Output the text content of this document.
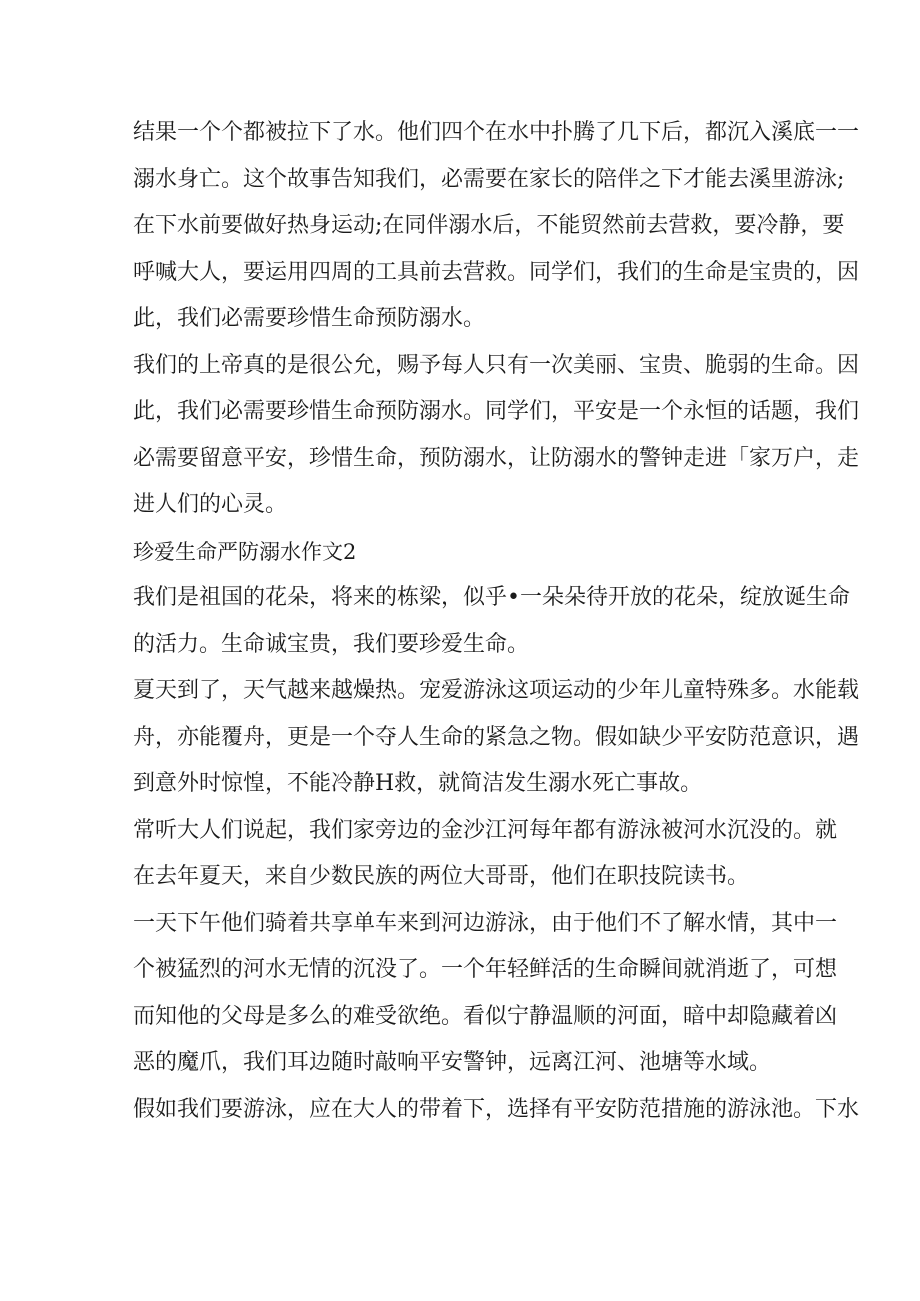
结果一个个都被拉下了水。他们四个在水中扑腾了几下后，都沉入溪底一一
溺水身亡。这个故事告知我们，必需要在家长的陪伴之下才能去溪里游泳;
在下水前要做好热身运动;在同伴溺水后，不能贸然前去营救，要冷静，要
呼喊大人，要运用四周的工具前去营救。同学们，我们的生命是宝贵的，因
此，我们必需要珍惜生命预防溺水。
我们的上帝真的是很公允，赐予每人只有一次美丽、宝贵、脆弱的生命。因
此，我们必需要珍惜生命预防溺水。同学们，平安是一个永恒的话题，我们
必需要留意平安，珍惜生命，预防溺水，让防溺水的警钟走进「家万户，走
进人们的心灵。
珍爱生命严防溺水作文2
我们是祖国的花朵，将来的栋梁，似乎•一朵朵待开放的花朵，绽放诞生命
的活力。生命诚宝贵，我们要珍爱生命。
夏天到了，天气越来越燥热。宠爱游泳这项运动的少年儿童特殊多。水能载
舟，亦能覆舟，更是一个夺人生命的紧急之物。假如缺少平安防范意识，遇
到意外时惊惶，不能冷静H救，就简洁发生溺水死亡事故。
常听大人们说起，我们家旁边的金沙江河每年都有游泳被河水沉没的。就
在去年夏天，来自少数民族的两位大哥哥，他们在职技院读书。
一天下午他们骑着共享单车来到河边游泳，由于他们不了解水情，其中一
个被猛烈的河水无情的沉没了。一个年轻鲜活的生命瞬间就消逝了，可想
而知他的父母是多么的难受欲绝。看似宁静温顺的河面，暗中却隐藏着凶
恶的魔爪，我们耳边随时敲响平安警钟，远离江河、池塘等水域。
假如我们要游泳，应在大人的带着下，选择有平安防范措施的游泳池。下水
